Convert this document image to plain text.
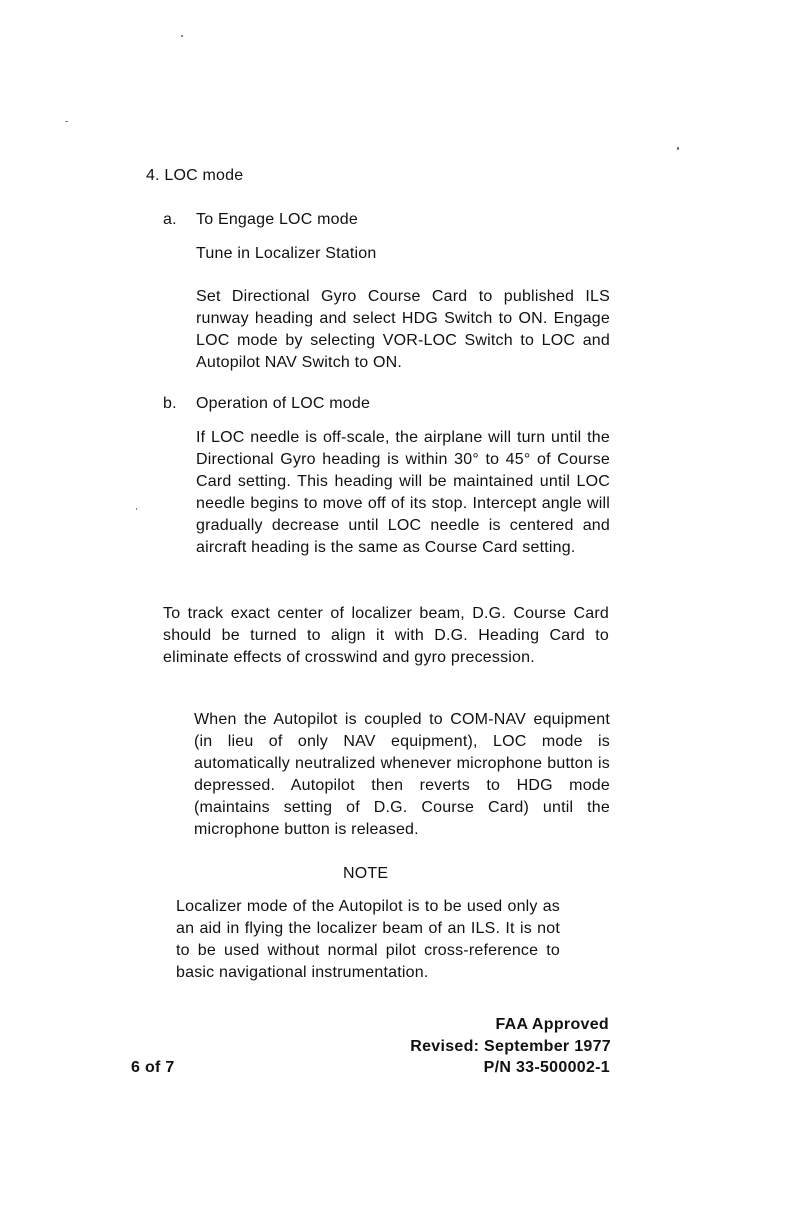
4. LOC mode
a.	To Engage LOC mode
Tune in Localizer Station
Set Directional Gyro Course Card to published ILS runway heading and select HDG Switch to ON. Engage LOC mode by selecting VOR-LOC Switch to LOC and Autopilot NAV Switch to ON.
b.	Operation of LOC mode
If LOC needle is off-scale, the airplane will turn until the Directional Gyro heading is within 30° to 45° of Course Card setting. This heading will be maintained until LOC needle begins to move off of its stop. Intercept angle will gradually decrease until LOC needle is centered and aircraft heading is the same as Course Card setting.
To track exact center of localizer beam, D.G. Course Card should be turned to align it with D.G. Heading Card to eliminate effects of crosswind and gyro precession.
When the Autopilot is coupled to COM-NAV equipment (in lieu of only NAV equipment), LOC mode is automatically neutralized whenever microphone button is depressed. Autopilot then reverts to HDG mode (maintains setting of D.G. Course Card) until the microphone button is released.
NOTE
Localizer mode of the Autopilot is to be used only as an aid in flying the localizer beam of an ILS. It is not to be used without normal pilot cross-reference to basic navigational instrumentation.
FAA Approved
Revised: September 1977
6 of 7	P/N 33-500002-1
